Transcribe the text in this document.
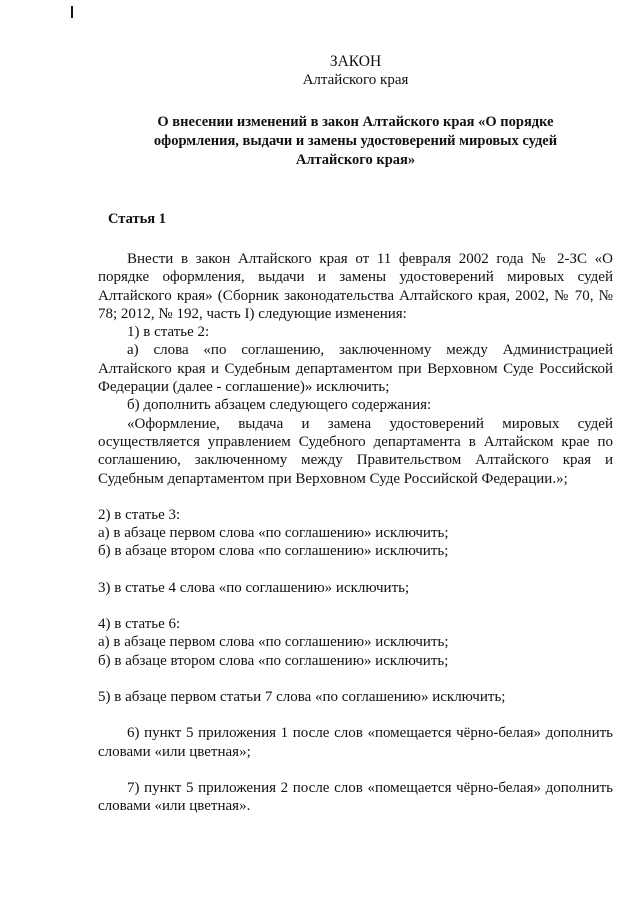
ЗАКОН
Алтайского края
О внесении изменений в закон Алтайского края «О порядке
оформления, выдачи и замены удостоверений мировых судей
Алтайского края»
Статья 1

Внести в закон Алтайского края от 11 февраля 2002 года № 2-ЗС «О порядке оформления, выдачи и замены удостоверений мировых судей Алтайского края» (Сборник законодательства Алтайского края, 2002, № 70, № 78; 2012, № 192, часть I) следующие изменения:

1) в статье 2:

а) слова «по соглашению, заключенному между Администрацией Алтайского края и Судебным департаментом при Верховном Суде Российской Федерации (далее - соглашение)» исключить;

б) дополнить абзацем следующего содержания:

«Оформление, выдача и замена удостоверений мировых судей осуществляется управлением Судебного департамента в Алтайском крае по соглашению, заключенному между Правительством Алтайского края и Судебным департаментом при Верховном Суде Российской Федерации.»;

2) в статье 3:

а) в абзаце первом слова «по соглашению» исключить;

б) в абзаце втором слова «по соглашению» исключить;

3) в статье 4 слова «по соглашению» исключить;

4) в статье 6:

а) в абзаце первом слова «по соглашению» исключить;

б) в абзаце втором слова «по соглашению» исключить;

5) в абзаце первом статьи 7 слова «по соглашению» исключить;

6) пункт 5 приложения 1 после слов «помещается чёрно-белая» дополнить словами «или цветная»;

7) пункт 5 приложения 2 после слов «помещается чёрно-белая» дополнить словами «или цветная».
